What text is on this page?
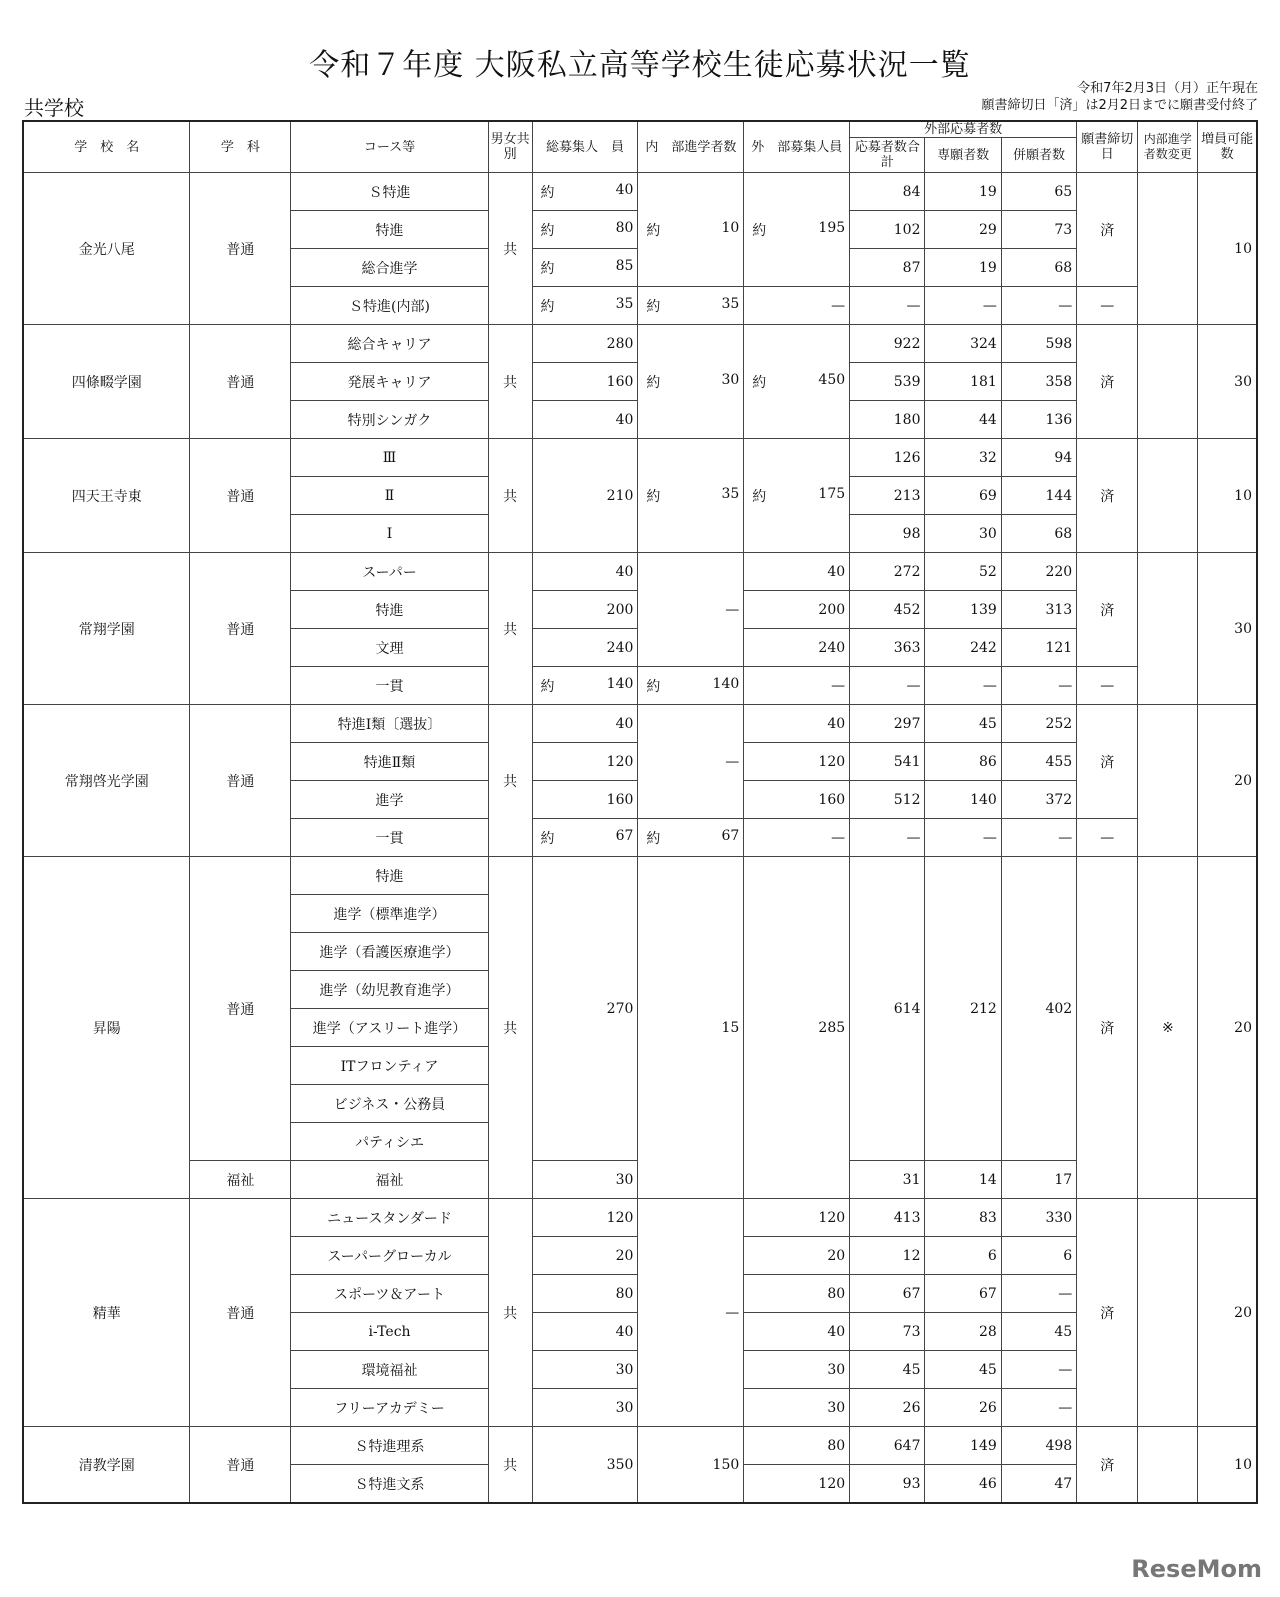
令和７年度 大阪私立高等学校生徒応募状況一覧
令和7年2月3日（月）正午現在
願書締切日「済」は2月2日までに願書受付終了
共学校
学　校　名	学　科	コース等	男女共別	総募集人　員	内　部進学者数	外　部募集人員	外部応募者数			願書締切日	内部進学者数変更	増員可能数
							応募者数合計	専願者数	併願者数			
金光八尾	普通	Ｓ特進	共	約 40	約 10	約 195	84	19	65	済		10
		特進		約 80			102	29	73			
		総合進学		約 85			87	19	68			
		Ｓ特進(内部)		約 35	約 35	—	—	—	—	—		
四條畷学園	普通	総合キャリア	共	280	約 30	約 450	922	324	598	済		30
		発展キャリア		160			539	181	358			
		特別シンガク		40			180	44	136			
四天王寺東	普通	Ⅲ	共	210	約 35	約 175	126	32	94	済		10
		Ⅱ					213	69	144			
		Ⅰ					98	30	68			
常翔学園	普通	スーパー	共	40	—	40	272	52	220	済		30
		特進		200		200	452	139	313			
		文理		240		240	363	242	121			
		一貫		約 140	約 140	—	—	—	—	—		
常翔啓光学園	普通	特進Ⅰ類〔選抜〕	共	40	—	40	297	45	252	済		20
		特進Ⅱ類		120		120	541	86	455			
		進学		160		160	512	140	372			
		一貫		約 67	約 67	—	—	—	—	—		
昇陽	普通	特進	共	270	15	285	614	212	402	済	※	20
		進学（標準進学）										
		進学（看護医療進学）										
		進学（幼児教育進学）										
		進学（アスリート進学）										
		ITフロンティア										
		ビジネス・公務員										
		パティシエ										
	福祉	福祉		30			31	14	17			
精華	普通	ニュースタンダード	共	120	—	120	413	83	330	済		20
		スーパーグローカル		20		20	12	6	6			
		スポーツ＆アート		80		80	67	67	—			
		i-Tech		40		40	73	28	45			
		環境福祉		30		30	45	45	—			
		フリーアカデミー		30		30	26	26	—			
清教学園	普通	Ｓ特進理系	共	350	150	80	647	149	498	済		10
		Ｓ特進文系				120	93	46	47			
ReseMom
